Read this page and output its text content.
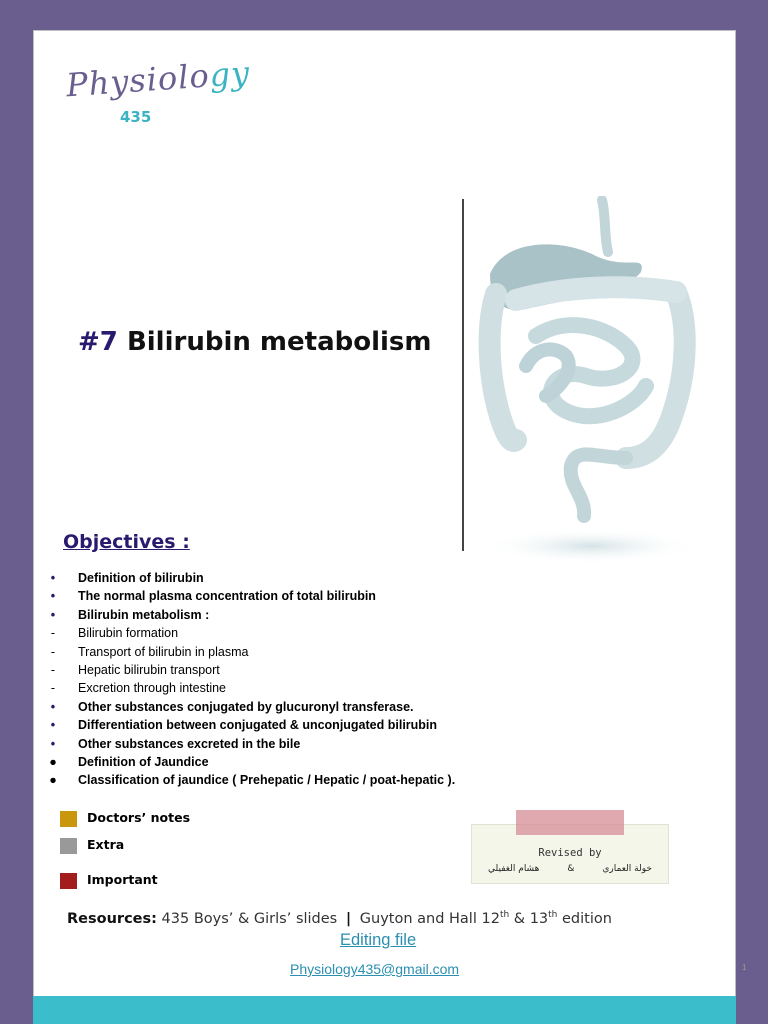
Physiology
435
#7 Bilirubin metabolism
Objectives :
•	Definition of bilirubin
•	The normal plasma concentration of total bilirubin
•	Bilirubin metabolism :
-	Bilirubin formation
-	Transport of bilirubin in plasma
-	Hepatic bilirubin transport
-	Excretion through intestine
•	Other substances conjugated by glucuronyl transferase.
•	Differentiation between conjugated & unconjugated bilirubin
•	Other substances excreted in the bile
● Definition of Jaundice
● Classification of jaundice ( Prehepatic / Hepatic / poat-hepatic ).
Doctors’ notes
Extra
Important
Revised by
خولة العماري&هشام الغفيلي
Resources: 435 Boys’ & Girls’ slides | Guyton and Hall 12th & 13th edition
Editing file
Physiology435@gmail.com	1
